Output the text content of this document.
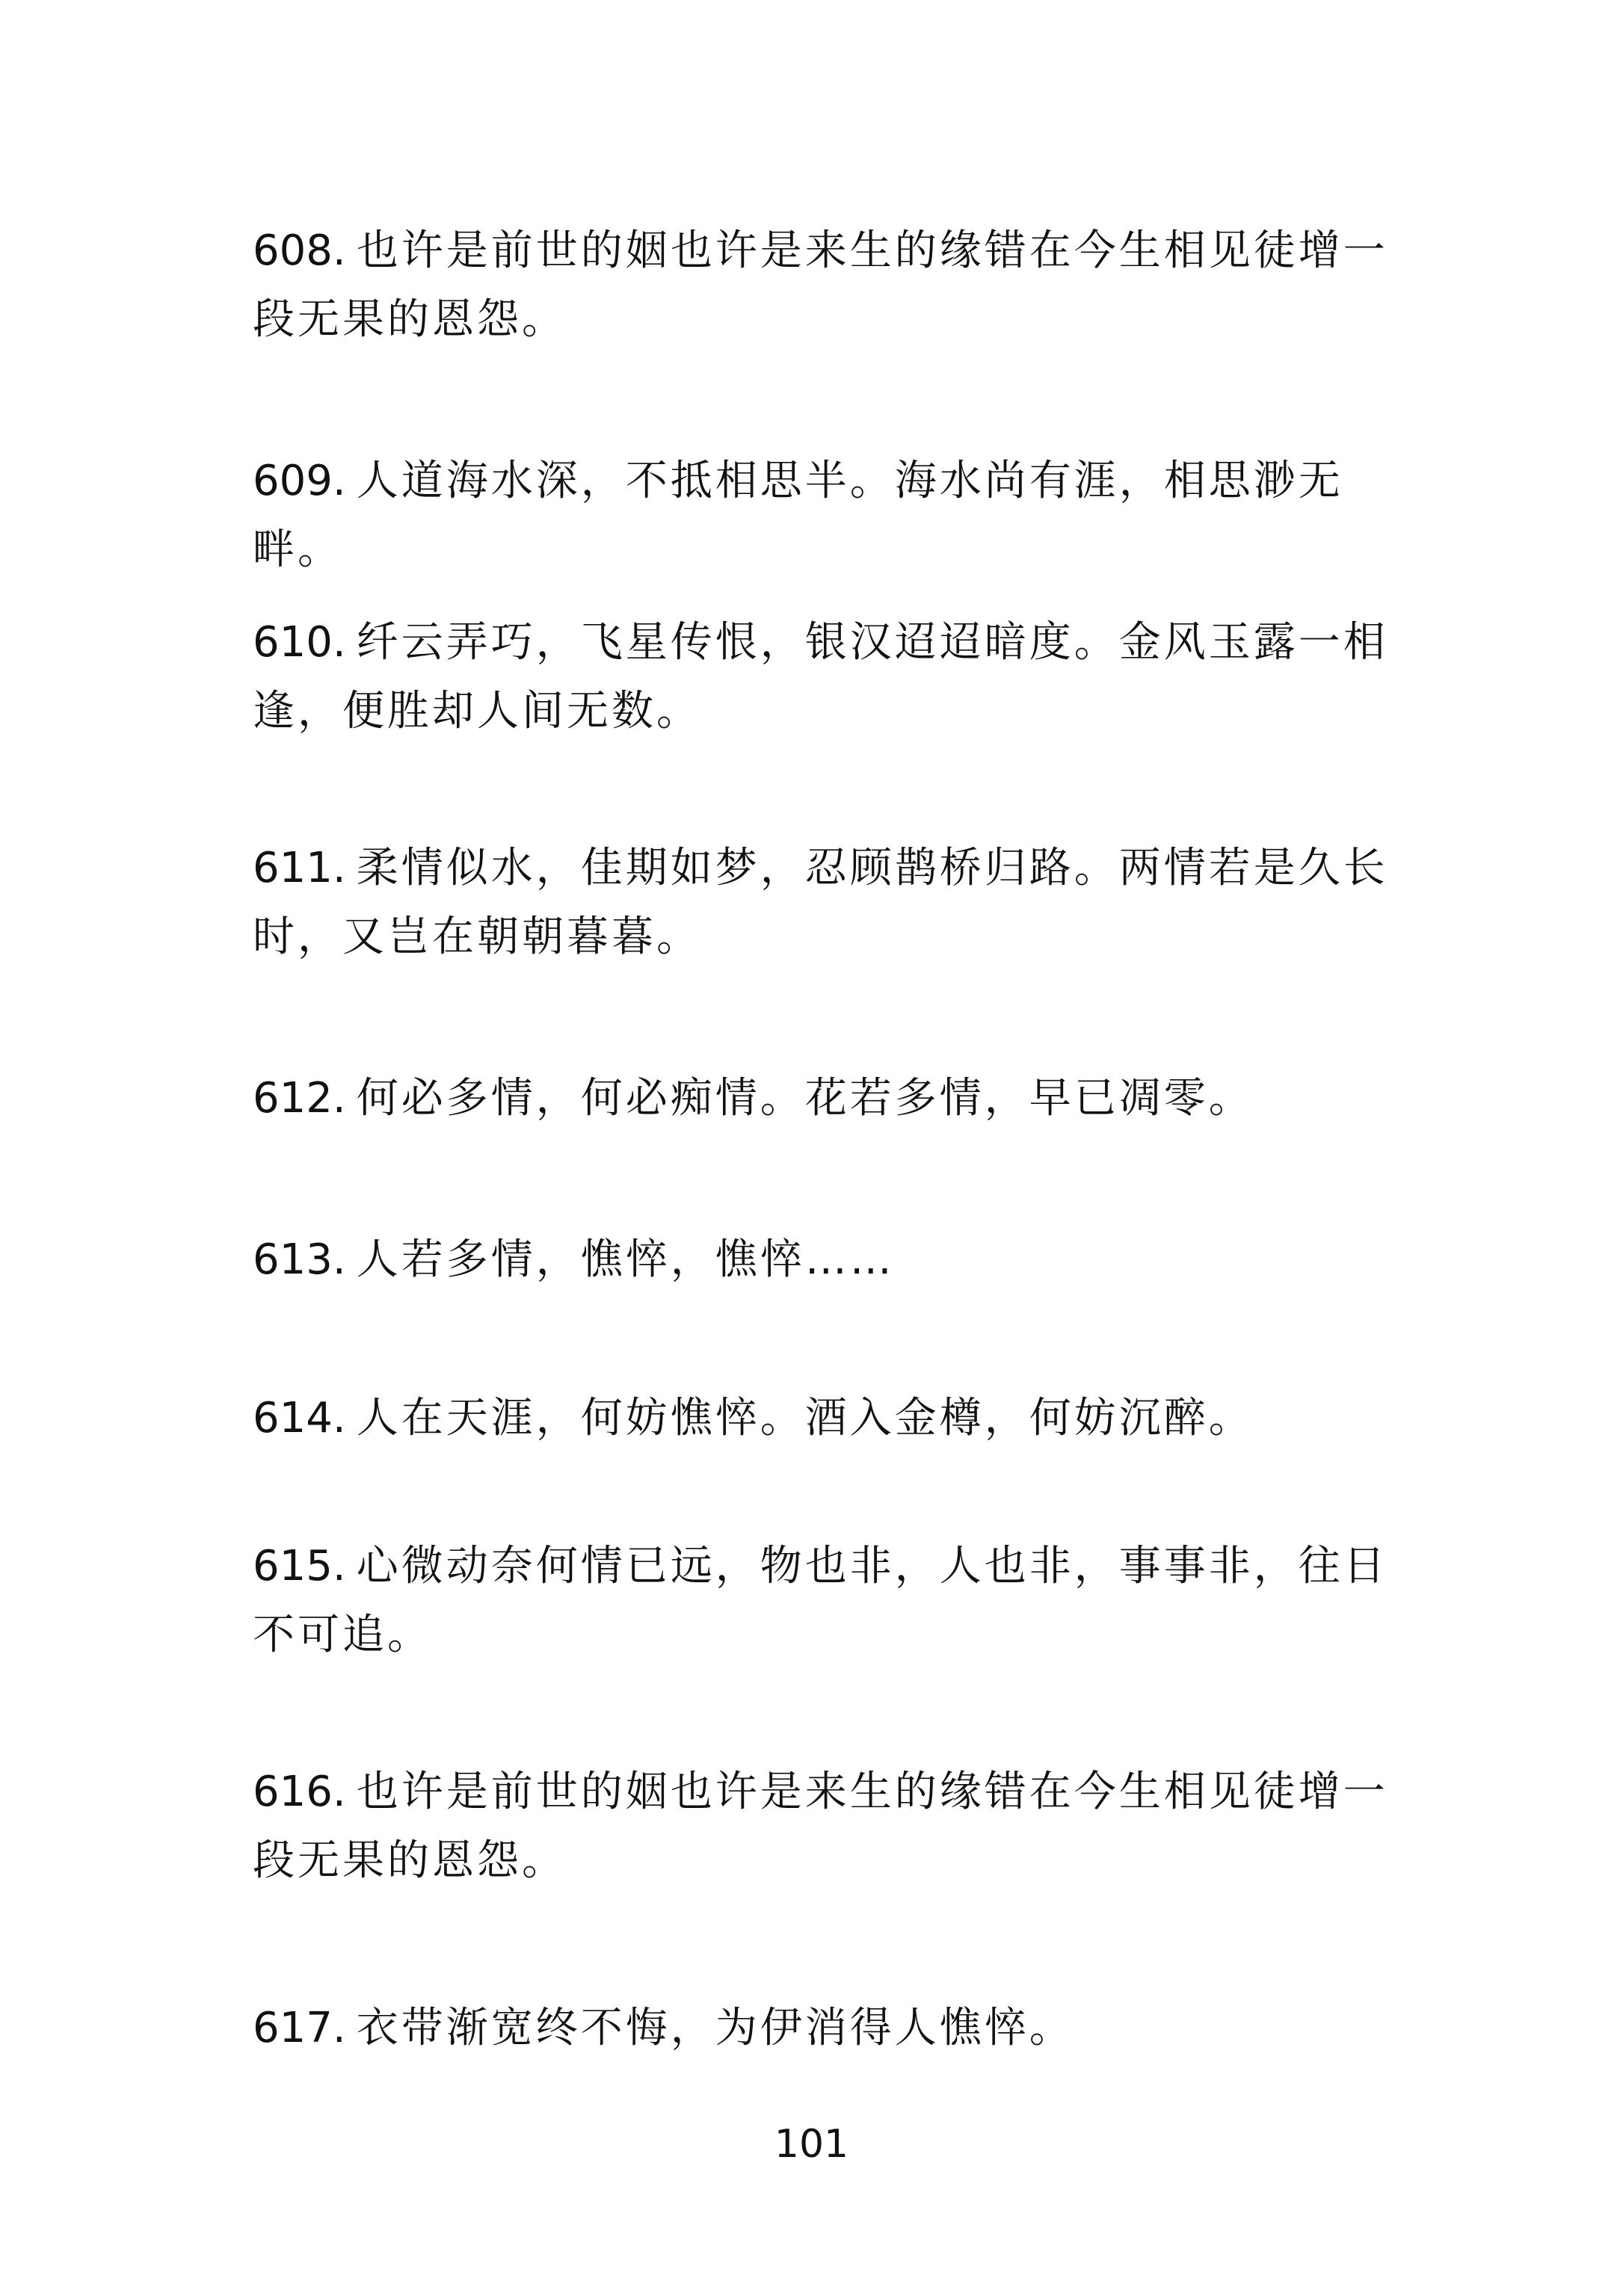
608. 也许是前世的姻也许是来生的缘错在今生相见徒增一段无果的恩怨。
609. 人道海水深，不抵相思半。海水尚有涯，相思渺无畔。
610. 纤云弄巧，飞星传恨，银汉迢迢暗度。金风玉露一相逢，便胜却人间无数。
611. 柔情似水，佳期如梦，忍顾鹊桥归路。两情若是久长时，又岂在朝朝暮暮。
612. 何必多情，何必痴情。花若多情，早已凋零。
613. 人若多情，憔悴，憔悴……
614. 人在天涯，何妨憔悴。酒入金樽，何妨沉醉。
615. 心微动奈何情已远，物也非，人也非，事事非，往日不可追。
616. 也许是前世的姻也许是来生的缘错在今生相见徒增一段无果的恩怨。
617. 衣带渐宽终不悔，为伊消得人憔悴。
101
